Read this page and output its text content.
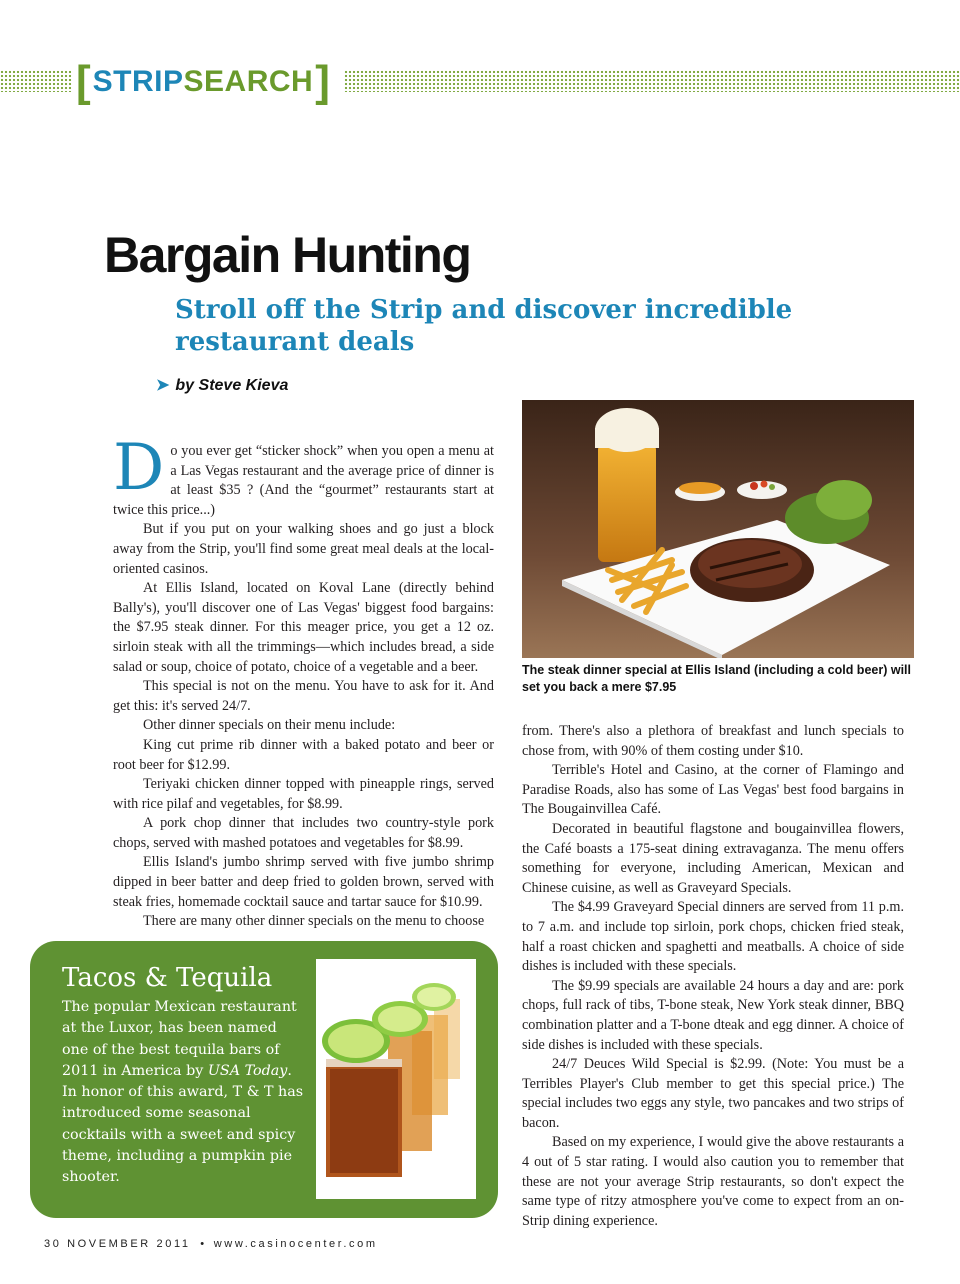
[ STRIP SEARCH ]
Bargain Hunting
Stroll off the Strip and discover incredible restaurant deals
➤ by Steve Kieva

Do you ever get “sticker shock” when you open a menu at a Las Vegas restaurant and the average price of dinner is at least $35 ? (And the “gourmet” restaurants start at twice this price...)

But if you put on your walking shoes and go just a block away from the Strip, you'll find some great meal deals at the local-oriented casinos.

At Ellis Island, located on Koval Lane (directly behind Bally's), you'll discover one of Las Vegas' biggest food bargains: the $7.95 steak dinner. For this meager price, you get a 12 oz. sirloin steak with all the trimmings—which includes bread, a side salad or soup, choice of potato, choice of a vegetable and a beer.

This special is not on the menu. You have to ask for it. And get this: it's served 24/7.

Other dinner specials on their menu include:

King cut prime rib dinner with a baked potato and beer or root beer for $12.99.

Teriyaki chicken dinner topped with pineapple rings, served with rice pilaf and vegetables, for $8.99.

A pork chop dinner that includes two country-style pork chops, served with mashed potatoes and vegetables for $8.99.

Ellis Island's jumbo shrimp served with five jumbo shrimp dipped in beer batter and deep fried to golden brown, served with steak fries, homemade cocktail sauce and tartar sauce for $10.99.

There are many other dinner specials on the menu to choose

The steak dinner special at Ellis Island (including a cold beer) will set you back a mere $7.95

from. There's also a plethora of breakfast and lunch specials to chose from, with 90% of them costing under $10.

Terrible's Hotel and Casino, at the corner of Flamingo and Paradise Roads, also has some of Las Vegas' best food bargains in The Bougainvillea Café.

Decorated in beautiful flagstone and bougainvillea flowers, the Café boasts a 175-seat dining extravaganza. The menu offers something for everyone, including American, Mexican and Chinese cuisine, as well as Graveyard Specials.

The $4.99 Graveyard Special dinners are served from 11 p.m. to 7 a.m. and include top sirloin, pork chops, chicken fried steak, half a roast chicken and spaghetti and meatballs. A choice of side dishes is included with these specials.

The $9.99 specials are available 24 hours a day and are: pork chops, full rack of tibs, T-bone steak, New York steak dinner, BBQ combination platter and a T-bone dteak and egg dinner. A choice of side dishes is included with these specials.

24/7 Deuces Wild Special is $2.99. (Note: You must be a Terribles Player's Club member to get this special price.) The special includes two eggs any style, two pancakes and two strips of bacon.

Based on my experience, I would give the above restaurants a 4 out of 5 star rating. I would also caution you to remember that these are not your average Strip restaurants, so don't expect the same type of ritzy atmosphere you've come to expect from an on-Strip dining experience.

Tacos & Tequila
The popular Mexican restaurant at the Luxor, has been named one of the best tequila bars of 2011 in America by USA Today. In honor of this award, T & T has introduced some seasonal cocktails with a sweet and spicy theme, including a pumpkin pie shooter.
30 NOVEMBER 2011 • www.casinocenter.com
